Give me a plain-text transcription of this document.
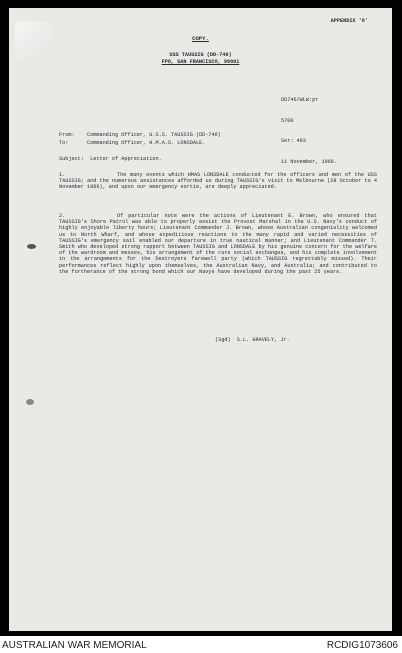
APPENDIX '6'
COPY.
USS TAUSSIG (DD-746)
FPO, SAN FRANCISCO, 96601

DD746/WLW:pr

5700

Ser: 493

11 November, 1966.

From: Commanding Officer, U.S.S. TAUSSIG (DD-746)
To:	Commanding Officer, H.M.A.S. LONSDALE.
Subject:  Letter of Appreciation.
1.	The many events which HMAS LONSDALE conducted for the officers and men of the USS TAUSSIG; and the numerous assistances afforded us during TAUSSIG's visit to Melbourne (28 October to 4 November 1966), and upon our emergency sortie, are deeply appreciated.
2.	Of particular note were the actions of Lieutenant E. Brown, who ensured that TAUSSIG's Shore Patrol was able to properly assist the Provost Marshal in the U.S. Navy's conduct of highly enjoyable liberty hours; Lieutenant Commander J. Brown, whose Australian congeniality welcomed us to North Wharf, and whose expeditious reactions to the many rapid and varied necessities of TAUSSIG's emergency sail enabled our departure in true nautical manner; and Lieutenant Commander T. Smith who developed strong rapport between TAUSSIG and LONSDALE by his genuine concern for the welfare of the wardroom and messes, his arrangement of the rare social exchanges, and his complete involvement in the arrangements for the Destroyers farewell party (which TAUSSIG regrettably missed). Their performances reflect highly upon themselves, the Australian Navy, and Australia; and contributed to the furtherance of the strong bond which our Navys have developed during the past 25 years.
(Sgd)  S.L. GRAVELY, Jr.
AUSTRALIAN WAR MEMORIAL	RCDIG1073606
